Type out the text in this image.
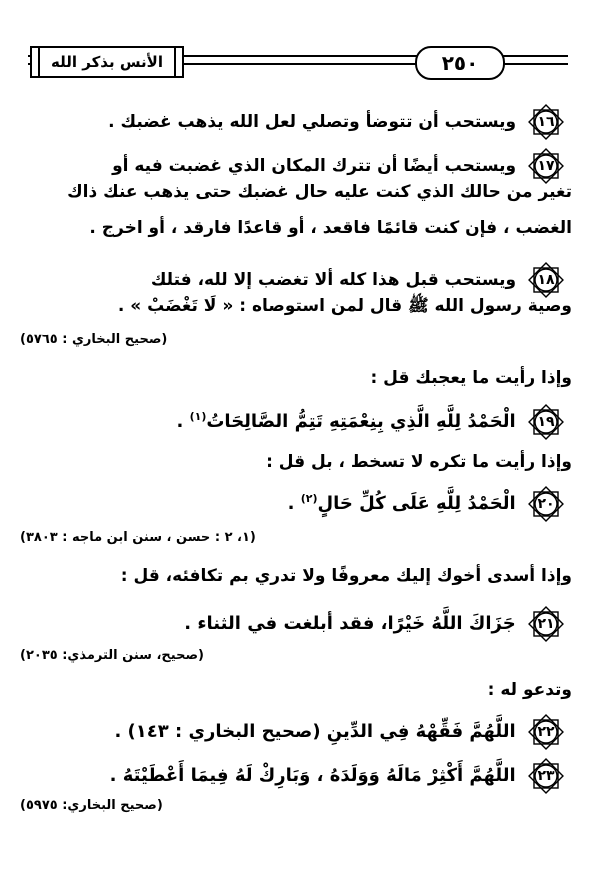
الأنس بذكر الله	٢٥٠
١٦
ويستحب أن تتوضأ وتصلي لعل الله يذهب غضبك .
١٧
ويستحب أيضًا أن تترك المكان الذي غضبت فيه أو
تغير من حالك الذي كنت عليه حال غضبك حتى يذهب عنك ذاك
الغضب ، فإن كنت قائمًا فاقعد ، أو قاعدًا فارقد ، أو اخرج .
١٨
ويستحب قبل هذا كله ألا تغضب إلا لله، فتلك
وصية رسول الله ﷺ قال لمن استوصاه : « لَا تَغْضَبْ » .
(صحيح البخاري : ٥٧٦٥)
وإذا رأيت ما يعجبك قل :
١٩
الْحَمْدُ لِلَّهِ الَّذِي بِنِعْمَتِهِ تَتِمُّ الصَّالِحَاتُ$^{(١)}$ .
وإذا رأيت ما تكره لا تسخط ، بل قل :
٢٠
الْحَمْدُ لِلَّهِ عَلَى كُلِّ حَالٍ$^{(٢)}$ .
(١، ٢ : حسن ، سنن ابن ماجه : ٣٨٠٣)
وإذا أسدى أخوك إليك معروفًا ولا تدري بم تكافئه، قل :
٢١
جَزَاكَ اللَّهُ خَيْرًا، فقد أبلغت في الثناء .
(صحيح، سنن الترمذي: ٢٠٣٥)
وتدعو له :
٢٢
اللَّهُمَّ فَقِّهْهُ فِي الدِّينِ (صحيح البخاري : ١٤٣) .
٢٣
اللَّهُمَّ أَكْثِرْ مَالَهُ وَوَلَدَهُ ، وَبَارِكْ لَهُ فِيمَا أَعْطَيْتَهُ .
(صحيح البخاري: ٥٩٧٥)
